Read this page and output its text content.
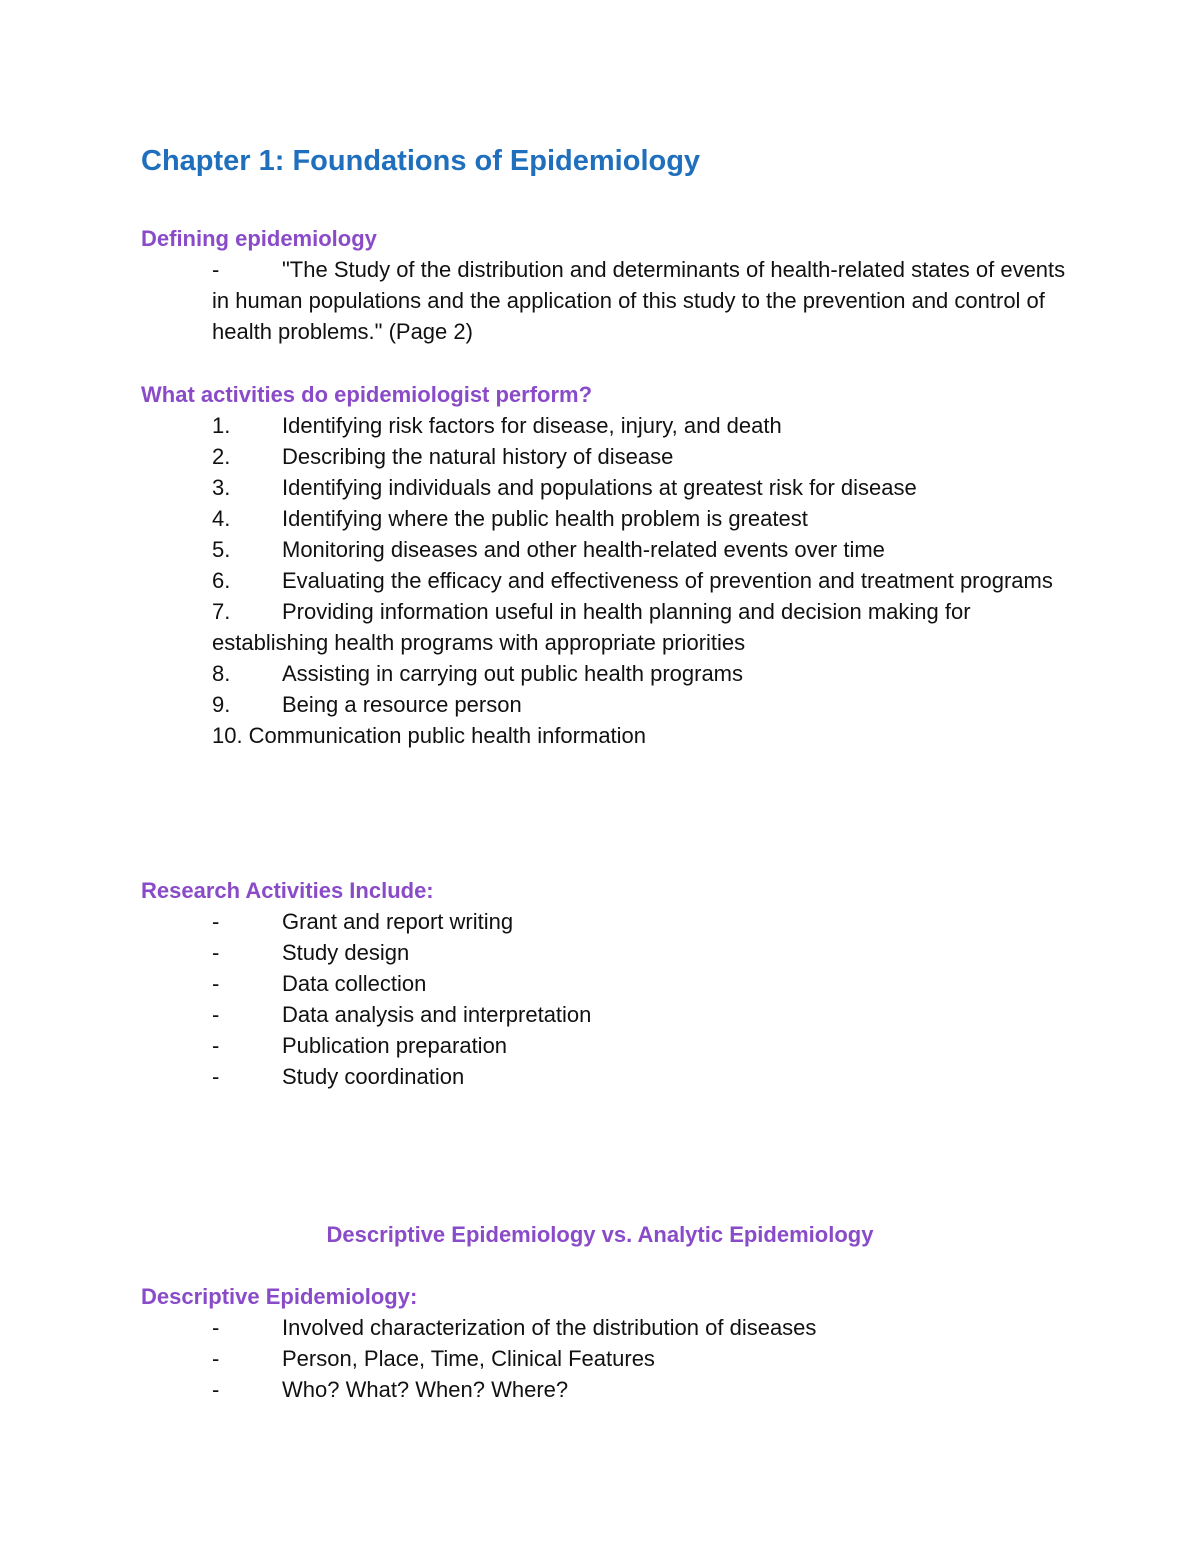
Chapter 1: Foundations of Epidemiology
Defining epidemiology
-	"The Study of the distribution and determinants of health-related states of events in human populations and the application of this study to the prevention and control of health problems." (Page 2)
What activities do epidemiologist perform?
1. Identifying risk factors for disease, injury, and death
2. Describing the natural history of disease
3. Identifying individuals and populations at greatest risk for disease
4. Identifying where the public health problem is greatest
5. Monitoring diseases and other health-related events over time
6. Evaluating the efficacy and effectiveness of prevention and treatment programs
7. Providing information useful in health planning and decision making for establishing health programs with appropriate priorities
8. Assisting in carrying out public health programs
9. Being a resource person
10. Communication public health information
Research Activities Include:
-	Grant and report writing
-	Study design
-	Data collection
-	Data analysis and interpretation
-	Publication preparation
-	Study coordination
Descriptive Epidemiology vs. Analytic Epidemiology
Descriptive Epidemiology:
-	Involved characterization of the distribution of diseases
-	Person, Place, Time, Clinical Features
-	Who? What? When? Where?
